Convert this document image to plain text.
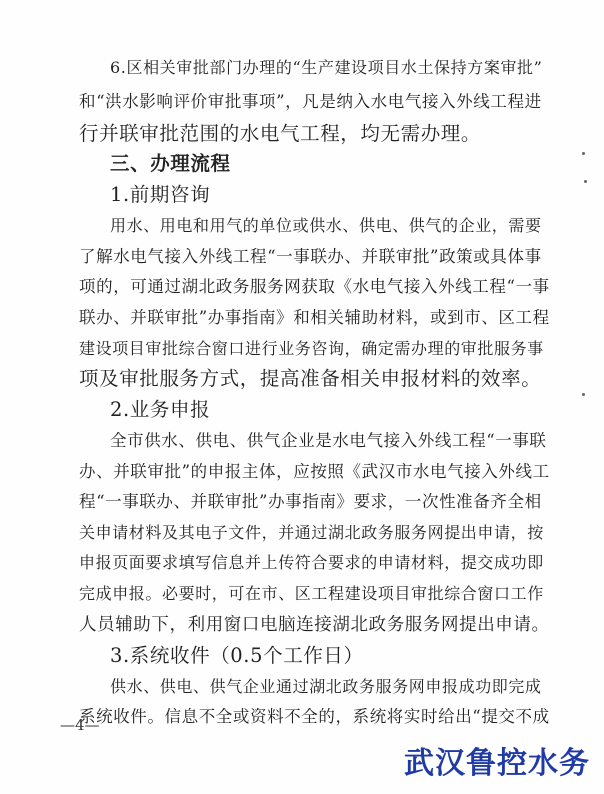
6.区相关审批部门办理的“生产建设项目水土保持方案审批”
和“洪水影响评价审批事项”，凡是纳入水电气接入外线工程进
行并联审批范围的水电气工程，均无需办理。
三、办理流程
1.前期咨询
用水、用电和用气的单位或供水、供电、供气的企业，需要
了解水电气接入外线工程“一事联办、并联审批”政策或具体事
项的，可通过湖北政务服务网获取《水电气接入外线工程“一事
联办、并联审批”办事指南》和相关辅助材料，或到市、区工程
建设项目审批综合窗口进行业务咨询，确定需办理的审批服务事
项及审批服务方式，提高准备相关申报材料的效率。
2.业务申报
全市供水、供电、供气企业是水电气接入外线工程“一事联
办、并联审批”的申报主体，应按照《武汉市水电气接入外线工
程“一事联办、并联审批”办事指南》要求，一次性准备齐全相
关申请材料及其电子文件，并通过湖北政务服务网提出申请，按
申报页面要求填写信息并上传符合要求的申请材料，提交成功即
完成申报。必要时，可在市、区工程建设项目审批综合窗口工作
人员辅助下，利用窗口电脑连接湖北政务服务网提出申请。
3.系统收件（0.5个工作日）
供水、供电、供气企业通过湖北政务服务网申报成功即完成
系统收件。信息不全或资料不全的，系统将实时给出“提交不成
—4—
武汉鲁控水务
